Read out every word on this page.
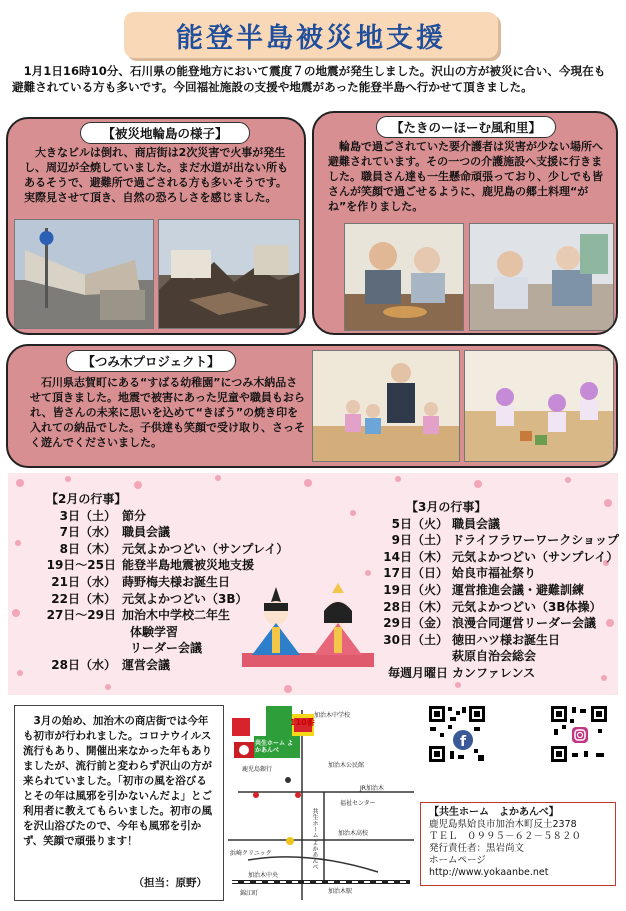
能登半島被災地支援
1月1日16時10分、石川県の能登地方において震度７の地震が発生しました。沢山の方が被災に合い、今現在も避難されている方も多いです。今回福祉施設の支援や地震があった能登半島へ行かせて頂きました。
【被災地輪島の様子】
大きなビルは倒れ、商店街は2次災害で火事が発生し、周辺が全焼していました。まだ水道が出ない所もあるそうで、避難所で過ごされる方も多いそうです。実際見させて頂き、自然の恐ろしさを感じました。
【たきのーほーむ風和里】
輪島で過ごされていた要介護者は災害が少ない場所へ避難されています。その一つの介護施設へ支援に行きました。職員さん達も一生懸命頑張っており、少しでも皆さんが笑顔で過ごせるように、鹿児島の郷土料理“がね”を作りました。
【つみ木プロジェクト】
石川県志賀町にある“すばる幼稚園”につみ木納品させて頂きました。地震で被害にあった児童や職員もおられ、皆さんの未来に思いを込めて“きぼう”の焼き印を入れての納品でした。子供達も笑顔で受け取り、さっそく遊んでくださいました。
【2月の行事】
3日（土） 節分
7日（水） 職員会議
8日（木） 元気よかつどい（サンプレイ）
19日～25日 能登半島地震被災地支援
21日（水） 蒔野梅夫様お誕生日
22日（木） 元気よかつどい（3B）
27日～29日 加治木中学校二年生
体験学習
リーダー会議
28日（水） 運営会議
【3月の行事】
5日（火） 職員会議
9日（土） ドライフラワーワークショップ
14日（木） 元気よかつどい（サンプレイ）
17日（日） 姶良市福祉祭り
19日（火） 運営推進会議・避難訓練
28日（木） 元気よかつどい（3B体操）
29日（金） 浪漫合同運営リーダー会議
30日（土） 徳田ハツ様お誕生日
萩原自治会総会
毎週月曜日 カンファレンス
3月の始め、加治木の商店街では今年も初市が行われました。コロナウイルス流行もあり、開催出来なかった年もありましたが、流行前と変わらず沢山の方が来られていました。「初市の風を浴びるとその年は風邪を引かないんだよ」とご利用者に教えてもらいました。初市の風を沢山浴びたので、今年も風邪を引かず、笑顔で頑張ります！
（担当：原野）
110番
共生ホーム よかあんべ
加治木中学校
鹿児島銀行
加治木公民館
共生ホーム よかあんべ
JR加治木
加治木高校
加治木駅
浜崎クリニック
加治木中央
錦江町
福祉センター
f
【共生ホーム　よかあんべ】
鹿児島県姶良市加治木町反土2378
ＴＥＬ　０９９５－６２－５８２０
発行責任者：黒岩尚文
ホームページ
http://www.yokaanbe.net
